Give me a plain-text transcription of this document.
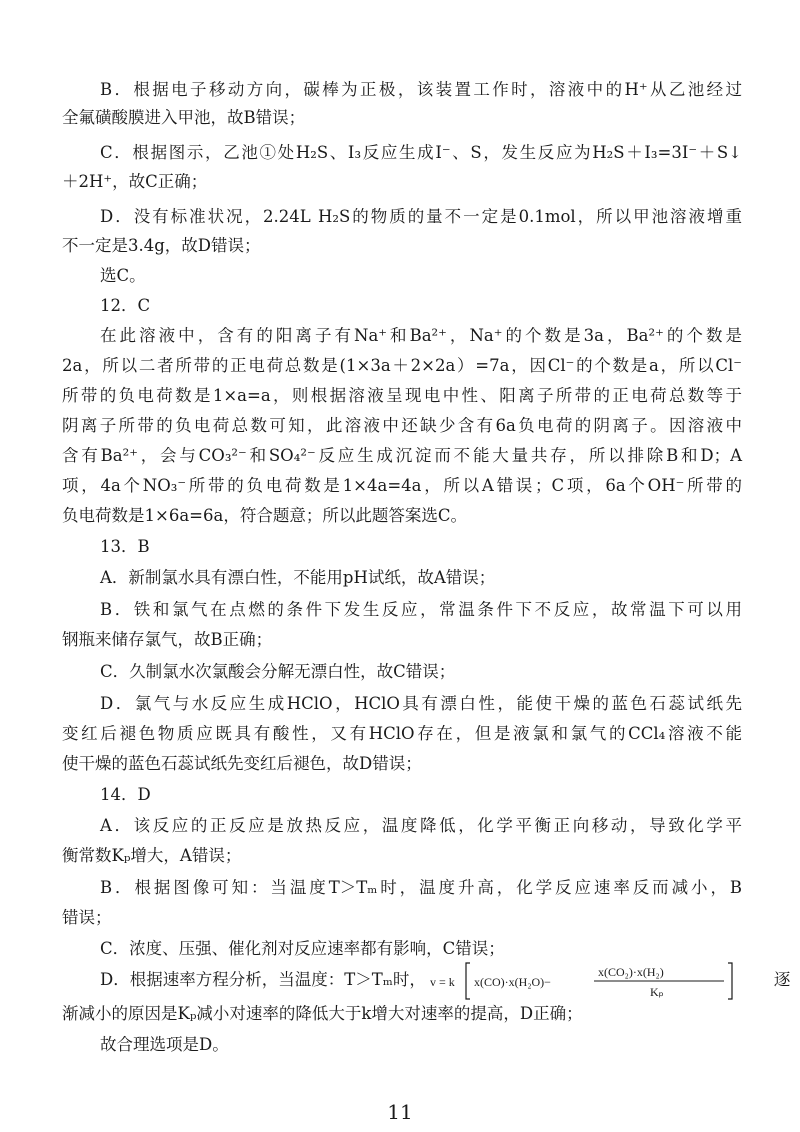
B．根据电子移动方向，碳棒为正极，该装置工作时，溶液中的H⁺从乙池经过
全氟磺酸膜进入甲池，故B错误；
C．根据图示，乙池①处H₂S、I₃反应生成I⁻、S，发生反应为H₂S＋I₃=3I⁻＋S↓
＋2H⁺，故C正确；
D．没有标准状况，2.24L H₂S的物质的量不一定是0.1mol，所以甲池溶液增重
不一定是3.4g，故D错误；
选C。
12．C
在此溶液中，含有的阳离子有Na⁺和Ba²⁺，Na⁺的个数是3a，Ba²⁺的个数是
2a，所以二者所带的正电荷总数是(1×3a＋2×2a）=7a，因Cl⁻的个数是a，所以Cl⁻
所带的负电荷数是1×a=a，则根据溶液呈现电中性、阳离子所带的正电荷总数等于
阴离子所带的负电荷总数可知，此溶液中还缺少含有6a负电荷的阴离子。因溶液中
含有Ba²⁺，会与CO₃²⁻和SO₄²⁻反应生成沉淀而不能大量共存，所以排除B和D；A
项，4a个NO₃⁻所带的负电荷数是1×4a=4a，所以A错误；C项，6a个OH⁻所带的
负电荷数是1×6a=6a，符合题意；所以此题答案选C。
13．B
A．新制氯水具有漂白性，不能用pH试纸，故A错误；
B．铁和氯气在点燃的条件下发生反应，常温条件下不反应，故常温下可以用
钢瓶来储存氯气，故B正确；
C．久制氯水次氯酸会分解无漂白性，故C错误；
D．氯气与水反应生成HClO，HClO具有漂白性，能使干燥的蓝色石蕊试纸先
变红后褪色物质应既具有酸性，又有HClO存在，但是液氯和氯气的CCl₄溶液不能
使干燥的蓝色石蕊试纸先变红后褪色，故D错误；
14．D
A．该反应的正反应是放热反应，温度降低，化学平衡正向移动，导致化学平
衡常数Kₚ增大，A错误；
B．根据图像可知：当温度T＞Tₘ时，温度升高，化学反应速率反而减小，B
错误；
C．浓度、压强、催化剂对反应速率都有影响，C错误；
D．根据速率方程分析，当温度：T＞Tₘ时， v = k x(CO)·x(H₂O)−
x(CO₂)·x(H₂)
Kₚ
逐
渐减小的原因是Kₚ减小对速率的降低大于k增大对速率的提高，D正确；
故合理选项是D。
11
